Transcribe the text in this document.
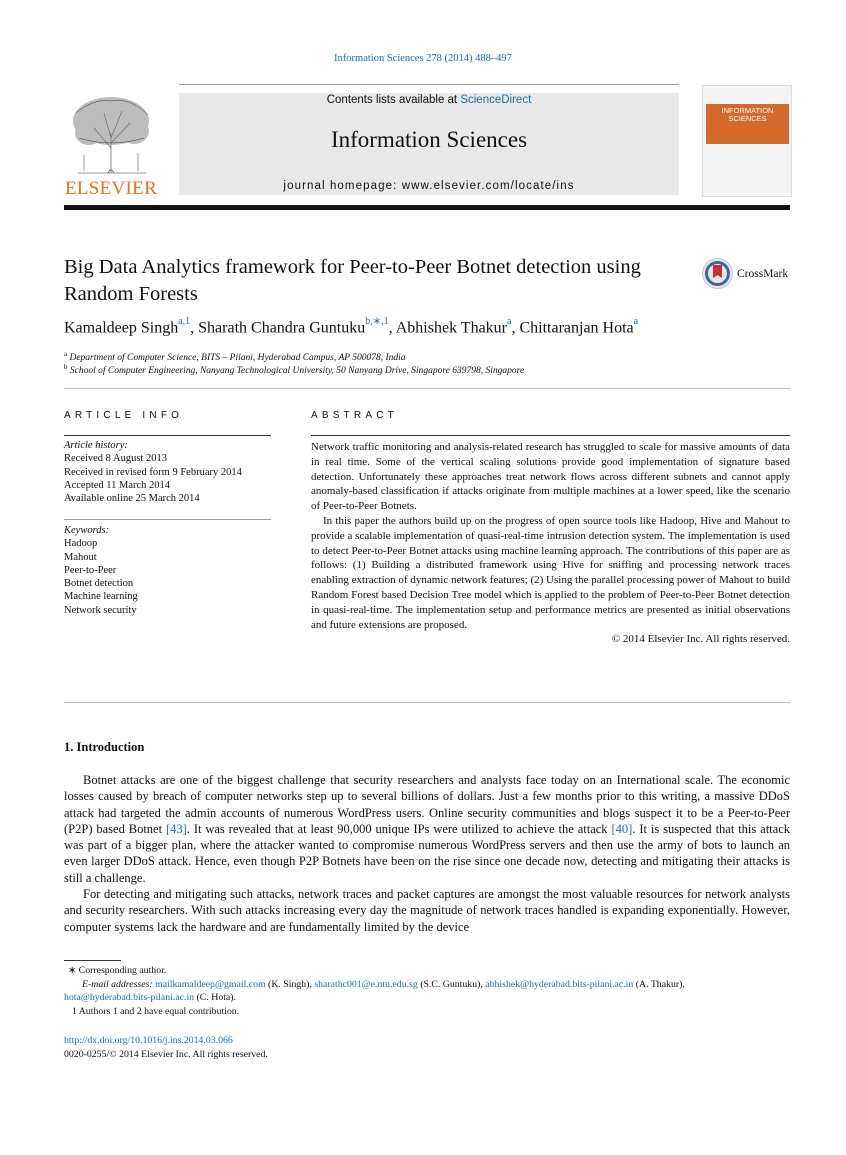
Information Sciences 278 (2014) 488–497
ELSEVIER
Contents lists available at ScienceDirect
Information Sciences
journal homepage: www.elsevier.com/locate/ins
INFORMATION SCIENCES
Big Data Analytics framework for Peer-to-Peer Botnet detection using Random Forests
CrossMark
Kamaldeep Singh$^{a,1}$, Sharath Chandra Guntuku$^{b,∗,1}$, Abhishek Thakur$^a$, Chittaranjan Hota$^a$
$^a$ Department of Computer Science, BITS – Pilani, Hyderabad Campus, AP 500078, India
$^b$ School of Computer Engineering, Nanyang Technological University, 50 Nanyang Drive, Singapore 639798, Singapore
ARTICLE INFO	ABSTRACT
Article history:
Received 8 August 2013
Received in revised form 9 February 2014
Accepted 11 March 2014
Available online 25 March 2014
Keywords:
Hadoop
Mahout
Peer-to-Peer
Botnet detection
Machine learning
Network security

Network traffic monitoring and analysis-related research has struggled to scale for massive amounts of data in real time. Some of the vertical scaling solutions provide good implementation of signature based detection. Unfortunately these approaches treat network flows across different subnets and cannot apply anomaly-based classification if attacks originate from multiple machines at a lower speed, like the scenario of Peer-to-Peer Botnets.

In this paper the authors build up on the progress of open source tools like Hadoop, Hive and Mahout to provide a scalable implementation of quasi-real-time intrusion detection system. The implementation is used to detect Peer-to-Peer Botnet attacks using machine learning approach. The contributions of this paper are as follows: (1) Building a distributed framework using Hive for sniffing and processing network traces enabling extraction of dynamic network features; (2) Using the parallel processing power of Mahout to build Random Forest based Decision Tree model which is applied to the problem of Peer-to-Peer Botnet detection in quasi-real-time. The implementation setup and performance metrics are presented as initial observations and future extensions are proposed.

© 2014 Elsevier Inc. All rights reserved.

1. Introduction

Botnet attacks are one of the biggest challenge that security researchers and analysts face today on an International scale. The economic losses caused by breach of computer networks step up to several billions of dollars. Just a few months prior to this writing, a massive DDoS attack had targeted the admin accounts of numerous WordPress users. Online security communities and blogs suspect it to be a Peer-to-Peer (P2P) based Botnet [43]. It was revealed that at least 90,000 unique IPs were utilized to achieve the attack [40]. It is suspected that this attack was part of a bigger plan, where the attacker wanted to compromise numerous WordPress servers and then use the army of bots to launch an even larger DDoS attack. Hence, even though P2P Botnets have been on the rise since one decade now, detecting and mitigating their attacks is still a challenge.

For detecting and mitigating such attacks, network traces and packet captures are amongst the most valuable resources for network analysts and security researchers. With such attacks increasing every day the magnitude of network traces handled is expanding exponentially. However, computer systems lack the hardware and are fundamentally limited by the device

∗ Corresponding author.
E-mail addresses: mailkamaldeep@gmail.com (K. Singh), sharathc001@e.ntu.edu.sg (S.C. Guntuku), abhishek@hyderabad.bits-pilani.ac.in (A. Thakur),
hota@hyderabad.bits-pilani.ac.in (C. Hota).
1 Authors 1 and 2 have equal contribution.
http://dx.doi.org/10.1016/j.ins.2014.03.066
0020-0255/© 2014 Elsevier Inc. All rights reserved.
